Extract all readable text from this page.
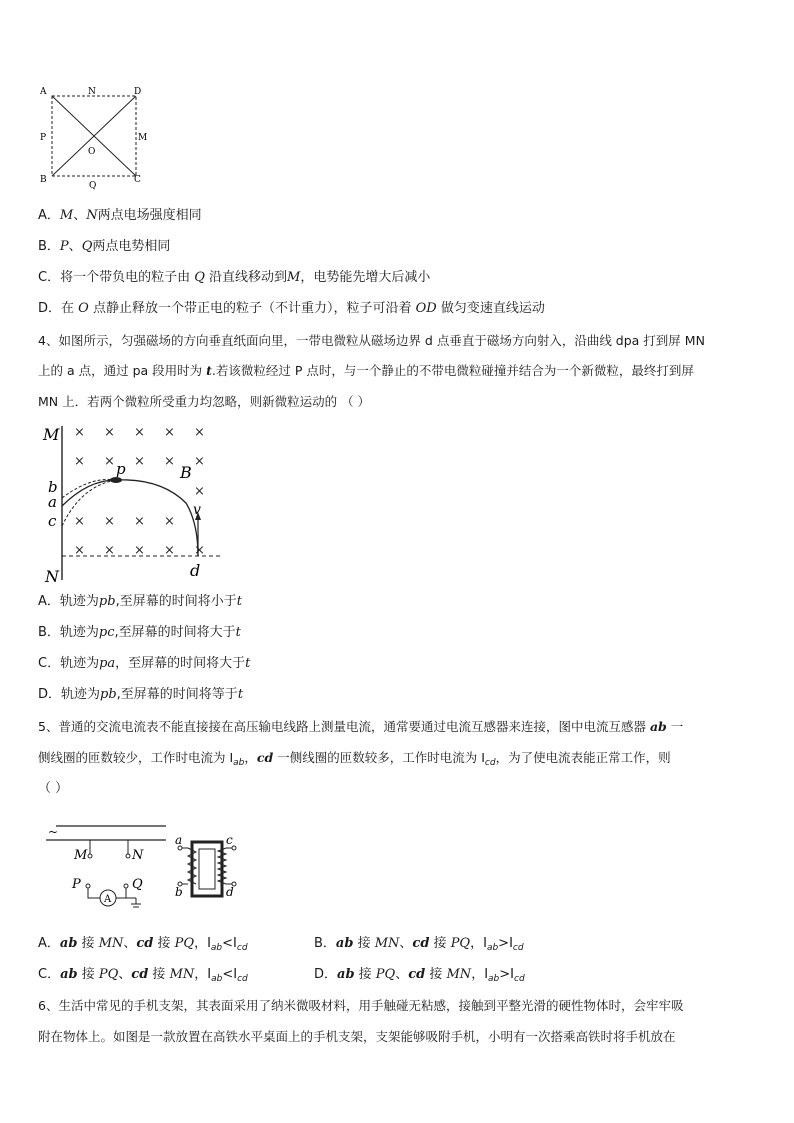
A	N	D
P
O
M
B
Q
C
A．M、N两点电场强度相同
B．P、Q两点电势相同
C．将一个带负电的粒子由 Q 沿直线移动到M，电势能先增大后减小
D．在 O 点静止释放一个带正电的粒子（不计重力），粒子可沿着 OD 做匀变速直线运动
4、如图所示，匀强磁场的方向垂直纸面向里，一带电微粒从磁场边界 d 点垂直于磁场方向射入，沿曲线 dpa 打到屏 MN
上的 a 点，通过 pa 段用时为 t.若该微粒经过 P 点时，与一个静止的不带电微粒碰撞并结合为一个新微粒，最终打到屏
MN 上．若两个微粒所受重力均忽略，则新微粒运动的 （ ）
× × × × ×
× × × × ×
×
× × × ×
× × × × ×
M
N
b
a
c
p	B
v
d
A．轨迹为pb,至屏幕的时间将小于t
B．轨迹为pc,至屏幕的时间将大于t
C．轨迹为pa，至屏幕的时间将大于t
D．轨迹为pb,至屏幕的时间将等于t
5、普通的交流电流表不能直接接在高压输电线路上测量电流，通常要通过电流互感器来连接，图中电流互感器 ab 一
侧线圈的匝数较少，工作时电流为 $I_{ab}$，cd 一侧线圈的匝数较多，工作时电流为 $I_{cd}$，为了使电流表能正常工作，则
（ ）
~
M	N
P	Q
A
a
b
c
d
A．ab 接 MN、cd 接 PQ，$I_{ab}<I_{cd}$	B．ab 接 MN、cd 接 PQ，$I_{ab}>I_{cd}$
C．ab 接 PQ、cd 接 MN，$I_{ab}<I_{cd}$	D．ab 接 PQ、cd 接 MN，$I_{ab}>I_{cd}$
6、生活中常见的手机支架，其表面采用了纳米微吸材料，用手触碰无粘感，接触到平整光滑的硬性物体时，会牢牢吸
附在物体上。如图是一款放置在高铁水平桌面上的手机支架，支架能够吸附手机，小明有一次搭乘高铁时将手机放在
